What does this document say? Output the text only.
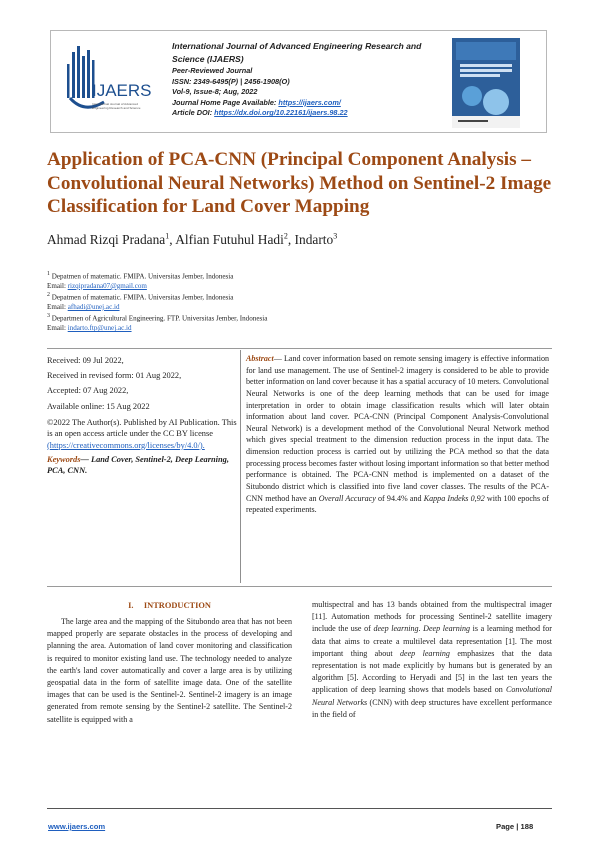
IJAERS
International Journal of Advanced
Engineering Research and Science
International Journal of Advanced Engineering Research and Science (IJAERS)
Peer-Reviewed Journal
ISSN: 2349-6495(P) | 2456-1908(O)
Vol-9, Issue-8; Aug, 2022
Journal Home Page Available: https://ijaers.com/
Article DOI: https://dx.doi.org/10.22161/ijaers.98.22
Application of PCA-CNN (Principal Component Analysis – Convolutional Neural Networks) Method on Sentinel-2 Image Classification for Land Cover Mapping
Ahmad Rizqi Pradana$^1$, Alfian Futuhul Hadi$^2$, Indarto$^3$
$^1$ Depatmen of matematic. FMIPA. Universitas Jember, Indonesia
Email: rizqipradana07@gmail.com
$^2$ Depatmen of matematic. FMIPA. Universitas Jember, Indonesia
Email: afhadi@unej.ac.id
$^3$ Departmen of Agricultural Engineering. FTP. Universitas Jember, Indonesia
Email: indarto.ftp@unej.ac.id
Received: 09 Jul 2022,
Received in revised form: 01 Aug 2022,
Accepted: 07 Aug 2022,
Available online: 15 Aug 2022
©2022 The Author(s). Published by AI Publication. This is an open access article under the CC BY license (https://creativecommons.org/licenses/by/4.0/).
Keywords— Land Cover, Sentinel-2, Deep Learning, PCA, CNN.
Abstract— Land cover information based on remote sensing imagery is effective information for land use management. The use of Sentinel-2 imagery is considered to be able to provide better information on land cover because it has a spatial accuracy of 10 meters. Convolutional Neural Networks is one of the deep learning methods that can be used for image interpretation in order to obtain image classification results which will later obtain information about land cover. PCA-CNN (Principal Component Analysis-Convolutional Neural Network) is a development method of the Convolutional Neural Network method which gives special treatment to the dimension reduction process in the input data. The dimension reduction process is carried out by utilizing the PCA method so that the data processing process becomes faster without losing important information so that better method performance is obtained. The PCA-CNN method is implemented on a dataset of the Situbondo district which is classified into five land cover classes. The results of the PCA-CNN method have an Overall Accuracy of 94.4% and Kappa Indeks 0,92 with 100 epochs of repeated experiments.
I. INTRODUCTION
The large area and the mapping of the Situbondo area that has not been mapped properly are separate obstacles in the process of developing and planning the area. Automation of land cover monitoring and classification is required to monitor existing land use. The technology needed to analyze the earth's land cover automatically and cover a large area is by utilizing geospatial data in the form of satellite image data. One of the satellite images that can be used is the Sentinel-2. Sentinel-2 imagery is an image generated from remote sensing by the Sentinel-2 satellite. The Sentinel-2 satellite is equipped with a
multispectral and has 13 bands obtained from the multispectral imager [11]. Automation methods for processing Sentinel-2 satellite imagery include the use of deep learning. Deep learning is a learning method for data that aims to create a multilevel data representation [1]. The most important thing about deep learning emphasizes that the data representation is not made explicitly by humans but is generated by an algorithm [5]. According to Heryadi and [5] in the last ten years the application of deep learning shows that models based on Convolutional Neural Networks (CNN) with deep structures have excellent performance in the field of
www.ijaers.com	Page | 188
